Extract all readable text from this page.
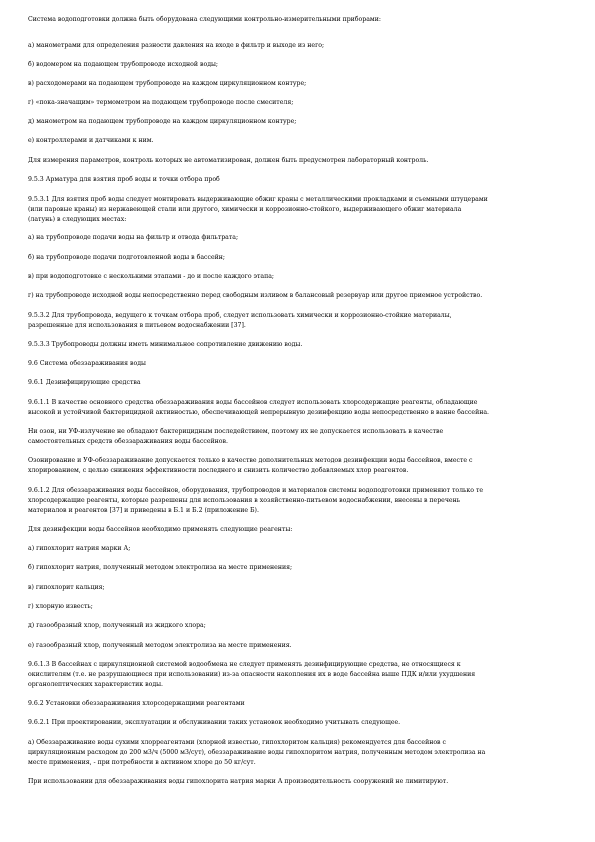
Система водоподготовки должна быть оборудована следующими контрольно-измерительными приборами:
а) манометрами для определения разности давления на входе в фильтр и выходе из него;
б) водомером на подающем трубопроводе исходной воды;
в) расходомерами на подающем трубопроводе на каждом циркуляционном контуре;
г) «пока-значащим» термометром на подающем трубопроводе после смесителя;
д) манометром на подающем трубопроводе на каждом циркуляционном контуре;
е) контроллерами и датчиками к ним.
Для измерения параметров, контроль которых не автоматизирован, должен быть предусмотрен лабораторный контроль.
9.5.3 Арматура для взятия проб воды и точки отбора проб
9.5.3.1 Для взятия проб воды следует монтировать выдерживающие обжиг краны с металлическими прокладками и съемными штуцерами
(или паровые краны) из нержавеющей стали или другого, химически и коррозионно-стойкого, выдерживающего обжиг материала
(латунь) в следующих местах:
а) на трубопроводе подачи воды на фильтр и отвода фильтрата;
б) на трубопроводе подачи подготовленной воды в бассейн;
в) при водоподготовке с несколькими этапами - до и после каждого этапа;
г) на трубопроводе исходной воды непосредственно перед свободным изливом в балансовый резервуар или другое приемное устройство.
9.5.3.2 Для трубопровода, ведущего к точкам отбора проб, следует использовать химически и коррозионно-стойкие материалы,
разрешенные для использования в питьевом водоснабжении [37].
9.5.3.3 Трубопроводы должны иметь минимальное сопротивление движению воды.
9.6 Система обеззараживания воды
9.6.1 Дезинфицирующие средства
9.6.1.1 В качестве основного средства обеззараживания воды бассейнов следует использовать хлорсодержащие реагенты, обладающие
высокой и устойчивой бактерицидной активностью, обеспечивающей непрерывную дезинфекцию воды непосредственно в ванне бассейна.
Ни озон, ни УФ-излучение не обладают бактерицидным последействием, поэтому их не допускается использовать в качестве
самостоятельных средств обеззараживания воды бассейнов.
Озонирование и УФ-обеззараживание допускается только в качестве дополнительных методов дезинфекции воды бассейнов, вместе с
хлорированием, с целью снижения эффективности последнего и снизить количество добавляемых хлор реагентов.
9.6.1.2 Для обеззараживания воды бассейнов, оборудования, трубопроводов и материалов системы водоподготовки применяют только те
хлорсодержащие реагенты, которые разрешены для использования в хозяйственно-питьевом водоснабжении, внесены в перечень
материалов и реагентов [37] и приведены в Б.1 и Б.2 (приложение Б).
Для дезинфекции воды бассейнов необходимо применять следующие реагенты:
а) гипохлорит натрия марки А;
б) гипохлорит натрия, полученный методом электролиза на месте применения;
в) гипохлорит кальция;
г) хлорную известь;
д) газообразный хлор, полученный из жидкого хлора;
е) газообразный хлор, полученный методом электролиза на месте применения.
9.6.1.3 В бассейнах с циркуляционной системой водообмена не следует применять дезинфицирующие средства, не относящиеся к
окислителям (т.е. не разрушающиеся при использовании) из-за опасности накопления их в воде бассейна выше ПДК и/или ухудшения
органолептических характеристик воды.
9.6.2 Установки обеззараживания хлорсодержащими реагентами
9.6.2.1 При проектировании, эксплуатации и обслуживании таких установок необходимо учитывать следующее.
а) Обеззараживание воды сухими хлорреагентами (хлорной известью, гипохлоритом кальция) рекомендуется для бассейнов с
циркуляционным расходом до 200 м3/ч (5000 м3/сут), обеззараживание воды гипохлоритом натрия, полученным методом электролиза на
месте применения, - при потребности в активном хлоре до 50 кг/сут.
При использовании для обеззараживания воды гипохлорита натрия марки А производительность сооружений не лимитируют.
